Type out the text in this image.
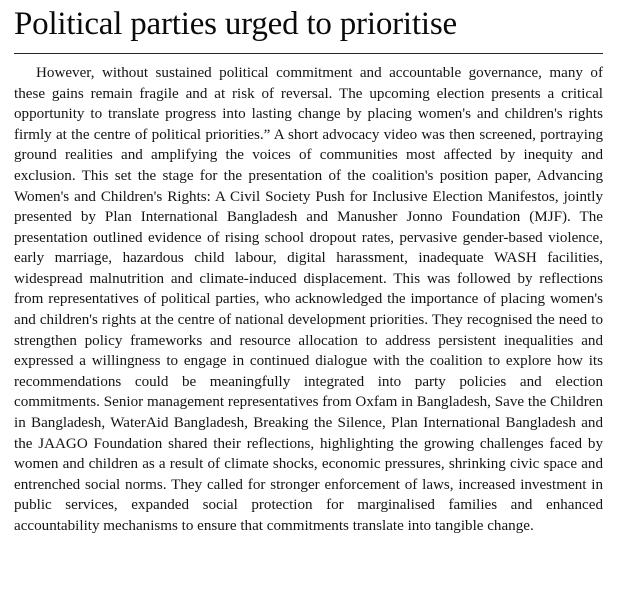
Political parties urged to prioritise

However, without sustained political commitment and accountable governance, many of these gains remain fragile and at risk of reversal. The upcoming election presents a critical opportunity to translate progress into lasting change by placing women's and children's rights firmly at the centre of political priorities.” A short advocacy video was then screened, portraying ground realities and amplifying the voices of communities most affected by inequity and exclusion. This set the stage for the presentation of the coalition's position paper, Advancing Women's and Children's Rights: A Civil Society Push for Inclusive Election Manifestos, jointly presented by Plan International Bangladesh and Manusher Jonno Foundation (MJF). The presentation outlined evidence of rising school dropout rates, pervasive gender-based violence, early marriage, hazardous child labour, digital harassment, inadequate WASH facilities, widespread malnutrition and climate-induced displacement. This was followed by reflections from representatives of political parties, who acknowledged the importance of placing women's and children's rights at the centre of national development priorities. They recognised the need to strengthen policy frameworks and resource allocation to address persistent inequalities and expressed a willingness to engage in continued dialogue with the coalition to explore how its recommendations could be meaningfully integrated into party policies and election commitments. Senior management representatives from Oxfam in Bangladesh, Save the Children in Bangladesh, WaterAid Bangladesh, Breaking the Silence, Plan International Bangladesh and the JAAGO Foundation shared their reflections, highlighting the growing challenges faced by women and children as a result of climate shocks, economic pressures, shrinking civic space and entrenched social norms. They called for stronger enforcement of laws, increased investment in public services, expanded social protection for marginalised families and enhanced accountability mechanisms to ensure that commitments translate into tangible change.
